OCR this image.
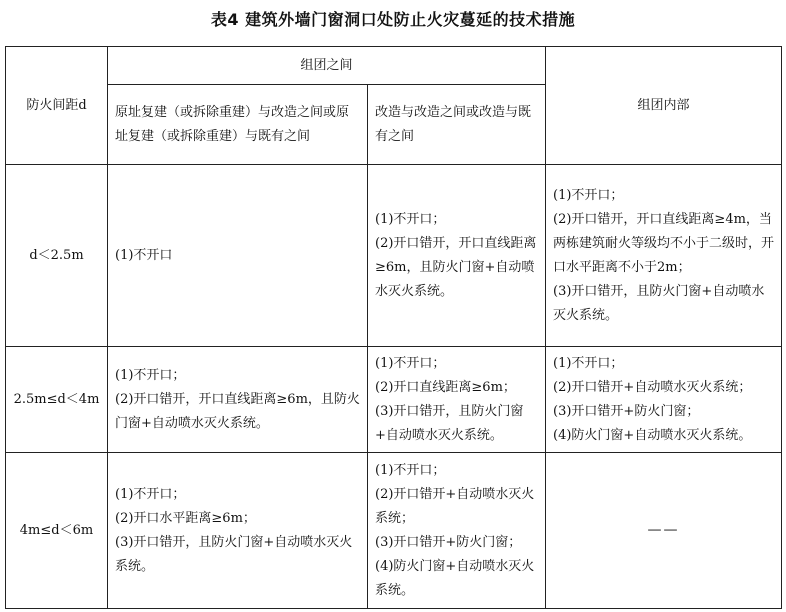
表4 建筑外墙门窗洞口处防止火灾蔓延的技术措施
防火间距d	组团之间		组团内部
	原址复建（或拆除重建）与改造之间或原址复建（或拆除重建）与既有之间	改造与改造之间或改造与既有之间	
d＜2.5m	(1)不开口	(1)不开口；
(2)开口错开，开口直线距离≥6m，且防火门窗+自动喷水灭火系统。	(1)不开口；
(2)开口错开，开口直线距离≥4m，当两栋建筑耐火等级均不小于二级时，开口水平距离不小于2m；
(3)开口错开，且防火门窗+自动喷水灭火系统。

2.5m≤d＜4m	(1)不开口；
(2)开口错开，开口直线距离≥6m，且防火门窗+自动喷水灭火系统。	(1)不开口；
(2)开口直线距离≥6m；
(3)开口错开，且防火门窗+自动喷水灭火系统。	(1)不开口；
(2)开口错开+自动喷水灭火系统；
(3)开口错开+防火门窗；
(4)防火门窗+自动喷水灭火系统。

4m≤d＜6m	(1)不开口；
(2)开口水平距离≥6m；
(3)开口错开，且防火门窗+自动喷水灭火系统。	(1)不开口；
(2)开口错开+自动喷水灭火系统；
(3)开口错开+防火门窗；
(4)防火门窗+自动喷水灭火系统。	——
